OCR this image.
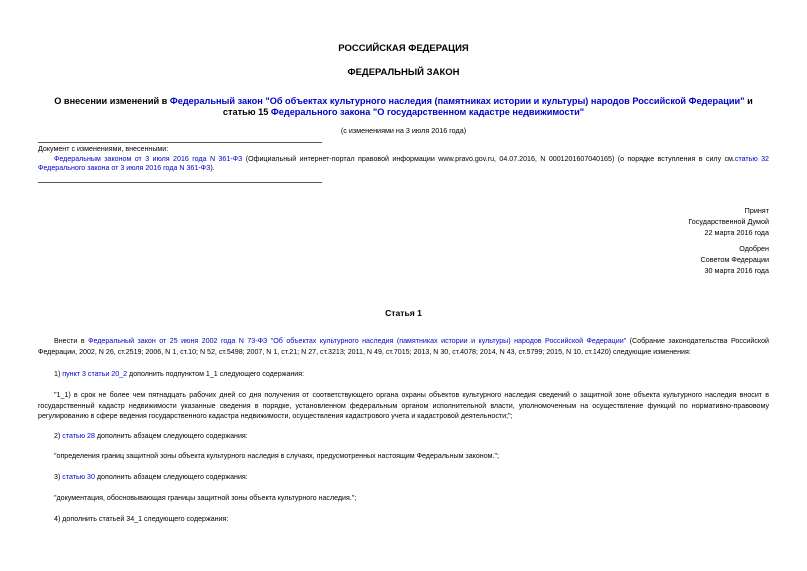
РОССИЙСКАЯ ФЕДЕРАЦИЯ
ФЕДЕРАЛЬНЫЙ ЗАКОН
О внесении изменений в Федеральный закон "Об объектах культурного наследия (памятниках истории и культуры) народов Российской Федерации" и статью 15 Федерального закона "О государственном кадастре недвижимости"
(с изменениями на 3 июля 2016 года)

Документ с изменениями, внесенными:

Федеральным законом от 3 июля 2016 года N 361-ФЗ (Официальный интернет-портал правовой информации www.pravo.gov.ru, 04.07.2016, N 0001201607040165) (о порядке вступления в силу см.статью 32 Федерального закона от 3 июля 2016 года N 361-ФЗ).

Принят
Государственной Думой
22 марта 2016 года
Одобрен
Советом Федерации
30 марта 2016 года
Статья 1
Внести в Федеральный закон от 25 июня 2002 года N 73-ФЗ "Об объектах культурного наследия (памятниках истории и культуры) народов Российской Федерации" (Собрание законодательства Российской Федерации, 2002, N 26, ст.2519; 2006, N 1, ст.10; N 52, ст.5498; 2007, N 1, ст.21; N 27, ст.3213; 2011, N 49, ст.7015; 2013, N 30, ст.4078; 2014, N 43, ст.5799; 2015, N 10, ст.1420) следующие изменения:
1) пункт 3 статьи 20_2 дополнить подпунктом 1_1 следующего содержания:
"1_1) в срок не более чем пятнадцать рабочих дней со дня получения от соответствующего органа охраны объектов культурного наследия сведений о защитной зоне объекта культурного наследия вносит в государственный кадастр недвижимости указанные сведения в порядке, установленном федеральным органом исполнительной власти, уполномоченным на осуществление функций по нормативно-правовому регулированию в сфере ведения государственного кадастра недвижимости, осуществления кадастрового учета и кадастровой деятельности;";
2) статью 28 дополнить абзацем следующего содержания:
"определения границ защитной зоны объекта культурного наследия в случаях, предусмотренных настоящим Федеральным законом.";
3) статью 30 дополнить абзацем следующего содержания:
"документация, обосновывающая границы защитной зоны объекта культурного наследия.";
4) дополнить статьей 34_1 следующего содержания:
